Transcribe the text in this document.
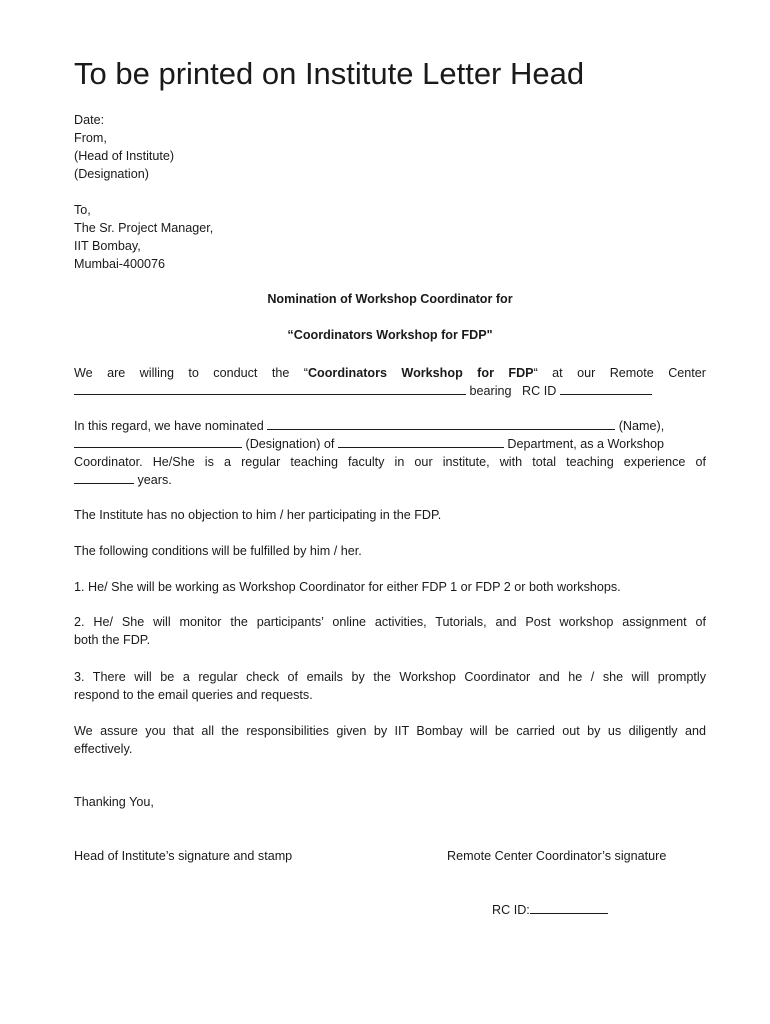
To be printed on Institute Letter Head
Date:
From,
(Head of Institute)
(Designation)
To,
The Sr. Project Manager,
IIT Bombay,
Mumbai-400076
Nomination of Workshop Coordinator for
“Coordinators Workshop for FDP"
We are willing to conduct the “Coordinators Workshop for FDP“ at our Remote Center
bearing RC ID
In this regard, we have nominated	(Name),
(Designation) of	Department, as a Workshop
Coordinator. He/She is a regular teaching faculty in our institute, with total teaching experience of
years.
The Institute has no objection to him / her participating in the FDP.
The following conditions will be fulfilled by him / her.
1. He/ She will be working as Workshop Coordinator for either FDP 1 or FDP 2 or both workshops.
2. He/ She will monitor the participants’ online activities, Tutorials, and Post workshop assignment of
both the FDP.
3. There will be a regular check of emails by the Workshop Coordinator and he / she will promptly
respond to the email queries and requests.
We assure you that all the responsibilities given by IIT Bombay will be carried out by us diligently and
effectively.
Thanking You,
Head of Institute’s signature and stamp	Remote Center Coordinator’s signature
RC ID:
